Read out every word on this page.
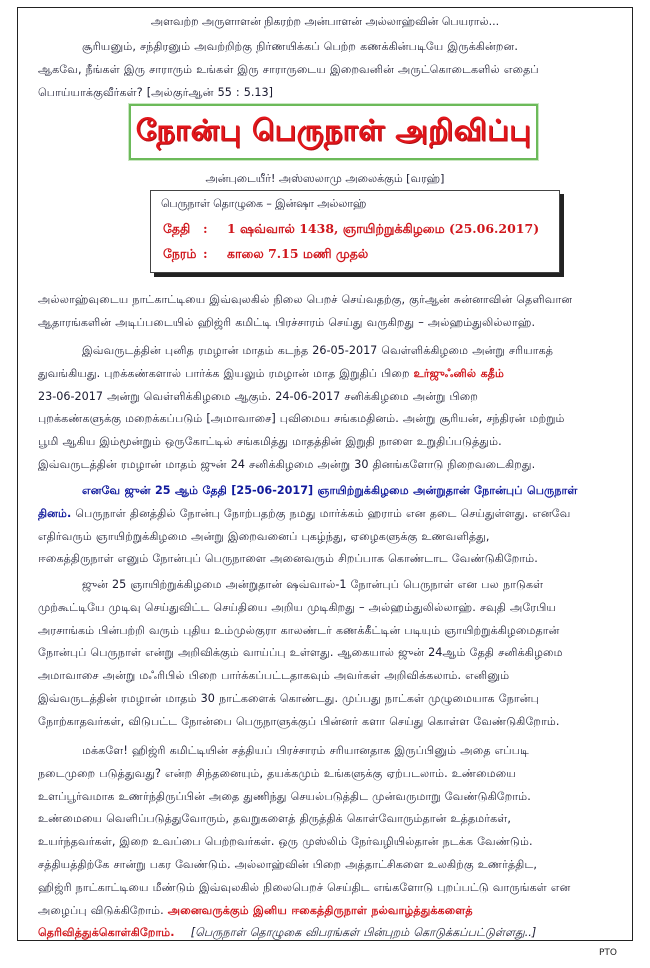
அளவற்ற அருளாளன் நிகரற்ற அன்பாளன் அல்லாஹ்வின் பெயரால்...
சூரியனும், சந்திரனும் அவற்றிற்கு நிர்ணயிக்கப் பெற்ற கணக்கின்படியே இருக்கின்றன.
ஆகவே, நீங்கள் இரு சாராரும் உங்கள் இரு சாராருடைய இறைவனின் அருட்கொடைகளில் எதைப்
பொய்யாக்குவீர்கள்? [அல்குர்ஆன் 55 : 5.13]
நோன்பு பெருநாள் அறிவிப்பு
அன்புடையீர்! அஸ்ஸலாமு அலைக்கும் [வரஹ்]
பெருநாள் தொழுகை – இன்ஷா அல்லாஹ்
தேதி : 1 ஷவ்வால் 1438, ஞாயிற்றுக்கிழமை (25.06.2017)
நேரம் : காலை 7.15 மணி முதல்
அல்லாஹ்வுடைய நாட்காட்டியை இவ்வுலகில் நிலை பெறச் செய்வதற்கு, குர்ஆன் சுன்னாவின் தெளிவான
ஆதாரங்களின் அடிப்படையில் ஹிஜ்ரி கமிட்டி பிரச்சாரம் செய்து வருகிறது – அல்ஹம்துலில்லாஹ்.
இவ்வருடத்தின் புனித ரமழான் மாதம் கடந்த 26-05-2017 வெள்ளிக்கிழமை அன்று சரியாகத்
துவங்கியது. புறக்கண்களால் பார்க்க இயலும் ரமழான் மாத இறுதிப் பிறை உர்ஜுஃனில் கதீம்
23-06-2017 அன்று வெள்ளிக்கிழமை ஆகும். 24-06-2017 சனிக்கிழமை அன்று பிறை
புறக்கண்களுக்கு மறைக்கப்படும் [அமாவாசை] புவிமைய சங்கமதினம். அன்று சூரியன், சந்திரன் மற்றும்
பூமி ஆகிய இம்மூன்றும் ஒருகோட்டில் சங்கமித்து மாதத்தின் இறுதி நாளை உறுதிப்படுத்தும்.
இவ்வருடத்தின் ரமழான் மாதம் ஜுன் 24 சனிக்கிழமை அன்று 30 தினங்களோடு நிறைவடைகிறது.
எனவே ஜுன் 25 ஆம் தேதி [25-06-2017] ஞாயிற்றுக்கிழமை அன்றுதான் நோன்புப் பெருநாள்
தினம். பெருநாள் தினத்தில் நோன்பு நோற்பதற்கு நமது மார்க்கம் ஹராம் என தடை செய்துள்ளது. எனவே
எதிர்வரும் ஞாயிற்றுக்கிழமை அன்று இறைவனைப் புகழ்ந்து, ஏழைகளுக்கு உணவளித்து,
ஈகைத்திருநாள் எனும் நோன்புப் பெருநாளை அனைவரும் சிறப்பாக கொண்டாட வேண்டுகிறோம்.
ஜுன் 25 ஞாயிற்றுக்கிழமை அன்றுதான் ஷவ்வால்-1 நோன்புப் பெருநாள் என பல நாடுகள்
முற்கூட்டியே முடிவு செய்துவிட்ட செய்தியை அறிய முடிகிறது – அல்ஹம்துலில்லாஹ். சவுதி அரேபிய
அரசாங்கம் பின்பற்றி வரும் புதிய உம்முல்குரா காலண்டர் கணக்கீட்டின் படியும் ஞாயிற்றுக்கிழமைதான்
நோன்புப் பெருநாள் என்று அறிவிக்கும் வாய்ப்பு உள்ளது. ஆகையால் ஜுன் 24ஆம் தேதி சனிக்கிழமை
அமாவாசை அன்று மஃரிபில் பிறை பார்க்கப்பட்டதாகவும் அவர்கள் அறிவிக்கலாம். எனினும்
இவ்வருடத்தின் ரமழான் மாதம் 30 நாட்களைக் கொண்டது. முப்பது நாட்கள் முழுமையாக நோன்பு
நோற்காதவர்கள், விடுபட்ட நோன்பை பெருநாளுக்குப் பின்னர் களா செய்து கொள்ள வேண்டுகிறோம்.
மக்களே! ஹிஜ்ரி கமிட்டியின் சத்தியப் பிரச்சாரம் சரியானதாக இருப்பினும் அதை எப்படி
நடைமுறை படுத்துவது? என்ற சிந்தனையும், தயக்கமும் உங்களுக்கு ஏற்படலாம். உண்மையை
உளப்பூர்வமாக உணர்ந்திருப்பின் அதை துணிந்து செயல்படுத்திட முன்வருமாறு வேண்டுகிறோம்.
உண்மையை வெளிப்படுத்துவோரும், தவறுகளைத் திருத்திக் கொள்வோரும்தான் உத்தமர்கள்,
உயர்ந்தவர்கள், இறை உவப்பை பெற்றவர்கள். ஒரு முஸ்லிம் நேர்வழியில்தான் நடக்க வேண்டும்.
சத்தியத்திற்கே சான்று பகர வேண்டும். அல்லாஹ்வின் பிறை அத்தாட்சிகளை உலகிற்கு உணர்த்திட,
ஹிஜ்ரி நாட்காட்டியை மீண்டும் இவ்வுலகில் நிலைபெறச் செய்திட எங்களோடு புறப்பட்டு வாருங்கள் என
அழைப்பு விடுக்கிறோம். அனைவருக்கும் இனிய ஈகைத்திருநாள் நல்வாழ்த்துக்களைத்
தெரிவித்துக்கொள்கிறோம். [பெருநாள் தொழுகை விபரங்கள் பின்புறம் கொடுக்கப்பட்டுள்ளது..]
PTO
